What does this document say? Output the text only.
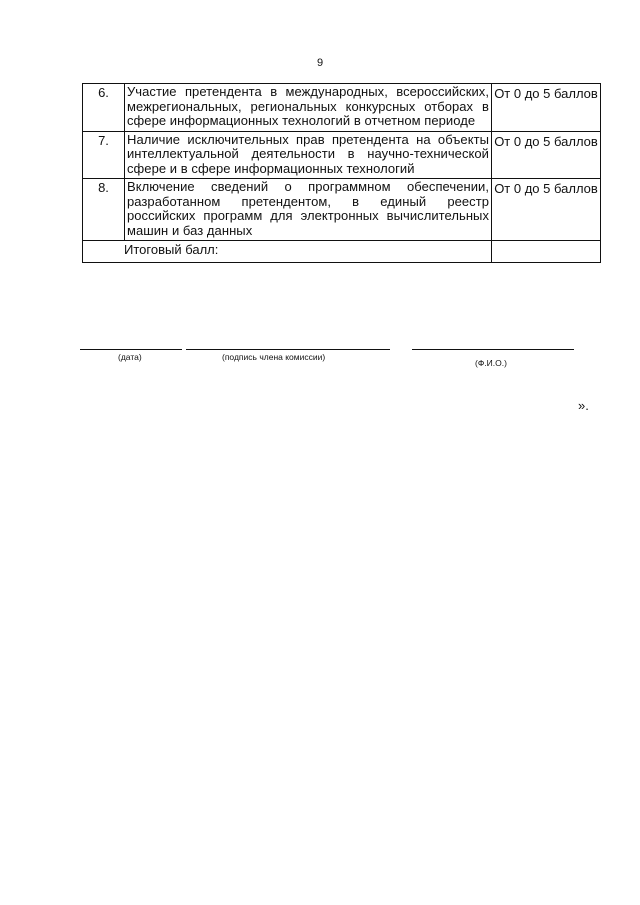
9
6.	Участие претендента в международных, всероссийских, межрегиональных, региональных конкурсных отборах в сфере информационных технологий в отчетном периоде	От 0 до 5 баллов
7.	Наличие исключительных прав претендента на объекты интеллектуальной деятельности в научно-технической сфере и в сфере информационных технологий	От 0 до 5 баллов
8.	Включение сведений о программном обеспечении, разработанном претендентом, в единый реестр российских программ для электронных вычислительных машин и баз данных	От 0 до 5 баллов
Итоговый балл:		
(дата)	(подпись члена комиссии)
(Ф.И.О.)
».
